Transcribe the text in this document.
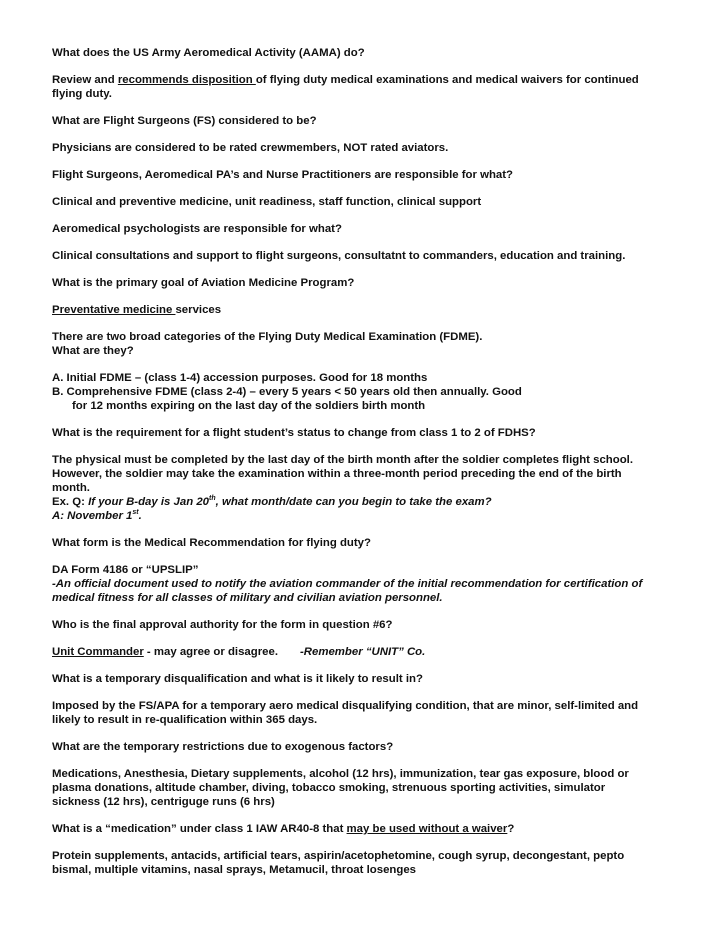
What does the US Army Aeromedical Activity (AAMA) do?

Review and recommends disposition of flying duty medical examinations and medical waivers for continued
flying duty.

What are Flight Surgeons (FS) considered to be?

Physicians are considered to be rated crewmembers, NOT rated aviators.

Flight Surgeons, Aeromedical PA’s and Nurse Practitioners are responsible for what?

Clinical and preventive medicine, unit readiness, staff function, clinical support

Aeromedical psychologists are responsible for what?

Clinical consultations and support to flight surgeons, consultatnt to commanders, education and training.

What is the primary goal of Aviation Medicine Program?

Preventative medicine services

There are two broad categories of the Flying Duty Medical Examination (FDME).
What are they?

A. Initial FDME – (class 1-4) accession purposes. Good for 18 months
B. Comprehensive FDME (class 2-4) – every 5 years < 50 years old then annually. Good
for 12 months expiring on the last day of the soldiers birth month

What is the requirement for a flight student’s status to change from class 1 to 2 of FDHS?

The physical must be completed by the last day of the birth month after the soldier completes flight school.
However, the soldier may take the examination within a three-month period preceding the end of the birth
month.
Ex. Q: If your B-day is Jan 20th, what month/date can you begin to take the exam?
A: November 1st.

What form is the Medical Recommendation for flying duty?

DA Form 4186 or “UPSLIP”
-An official document used to notify the aviation commander of the initial recommendation for certification of
medical fitness for all classes of military and civilian aviation personnel.

Who is the final approval authority for the form in question #6?

Unit Commander - may agree or disagree. -Remember “UNIT” Co.

What is a temporary disqualification and what is it likely to result in?

Imposed by the FS/APA for a temporary aero medical disqualifying condition, that are minor, self-limited and
likely to result in re-qualification within 365 days.

What are the temporary restrictions due to exogenous factors?

Medications, Anesthesia, Dietary supplements, alcohol (12 hrs), immunization, tear gas exposure, blood or
plasma donations, altitude chamber, diving, tobacco smoking, strenuous sporting activities, simulator
sickness (12 hrs), centriguge runs (6 hrs)

What is a “medication” under class 1 IAW AR40-8 that may be used without a waiver?

Protein supplements, antacids, artificial tears, aspirin/acetophetomine, cough syrup, decongestant, pepto
bismal, multiple vitamins, nasal sprays, Metamucil, throat losenges
